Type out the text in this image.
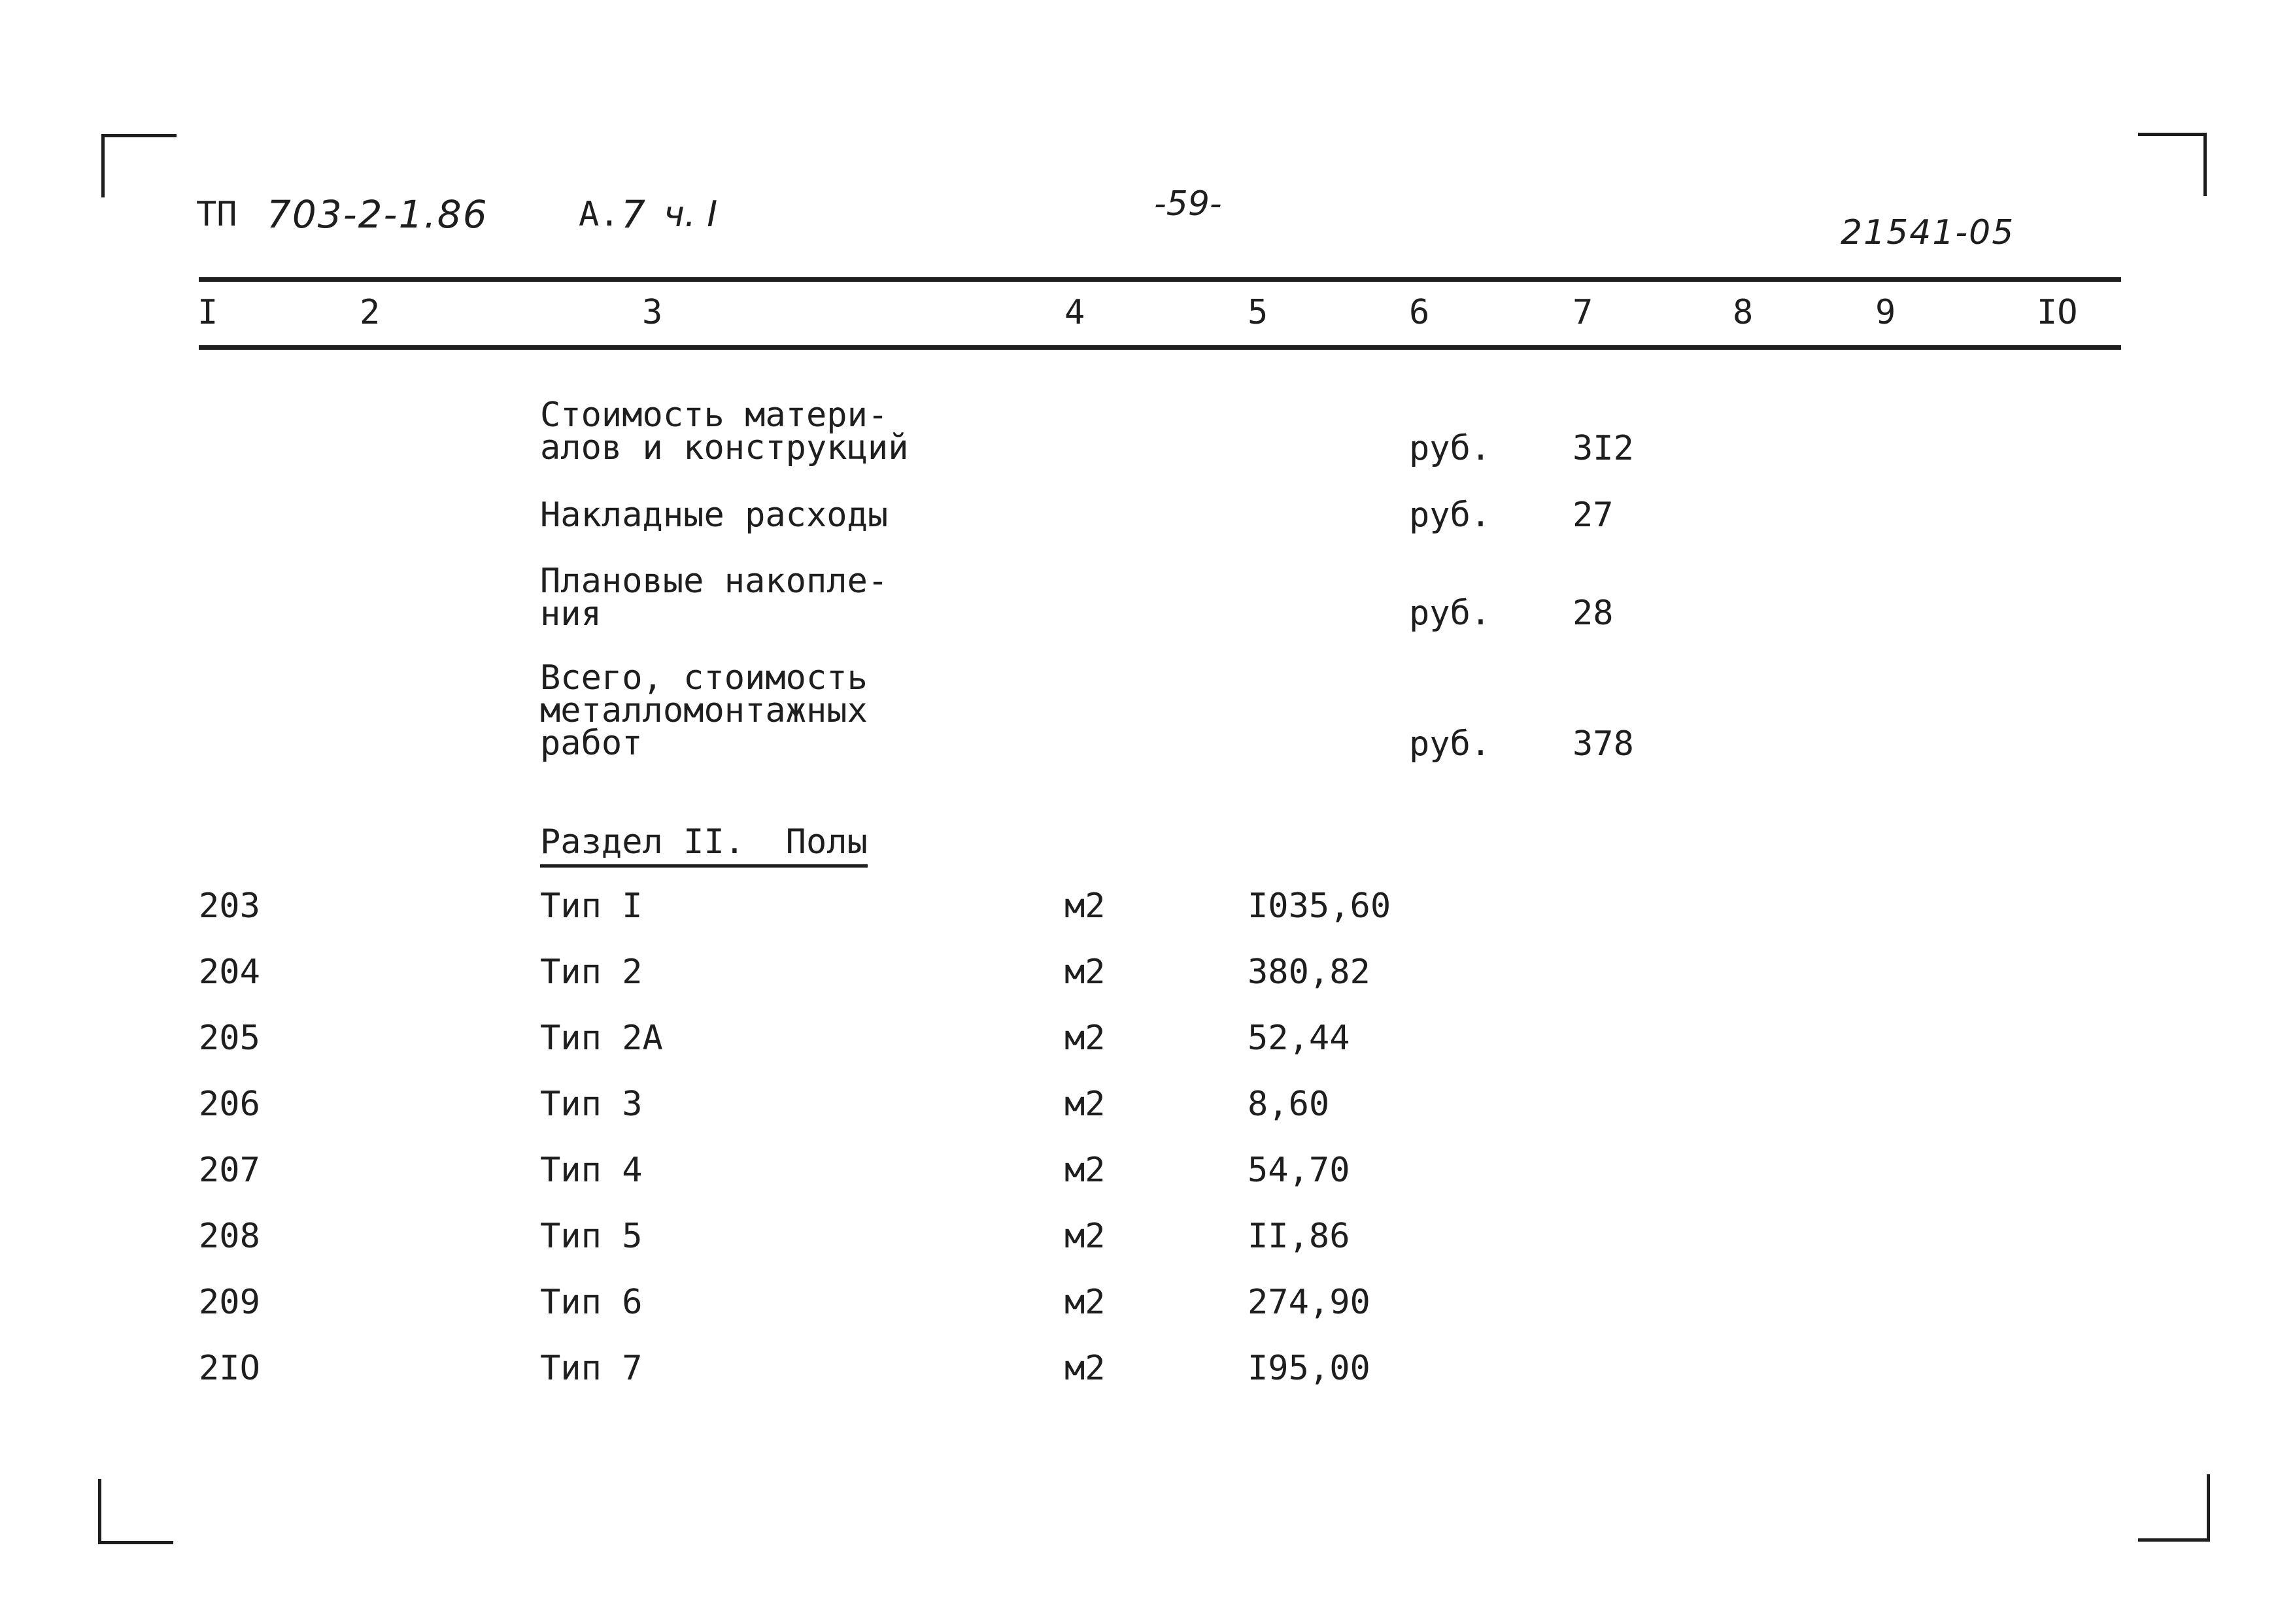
ТП 703-2-1.86	А. 7 ч. I	-59-
21541-05
I	2	3	4	5	6	7	8	9	IO
Стоимость матери-
алов и конструкций	руб. 3I2
Накладные расходы	руб. 27
Плановые накопле-
ния	руб. 28
Всего, стоимость
металломонтажных
работ	руб. 378
Раздел II.  Полы
203	Тип I	м2	I035,60
204	Тип 2	м2	380,82
205	Тип 2А	м2	52,44
206	Тип 3	м2	8,60
207	Тип 4	м2	54,70
208	Тип 5	м2	II,86
209	Тип 6	м2	274,90
2IO	Тип 7	м2	I95,00
